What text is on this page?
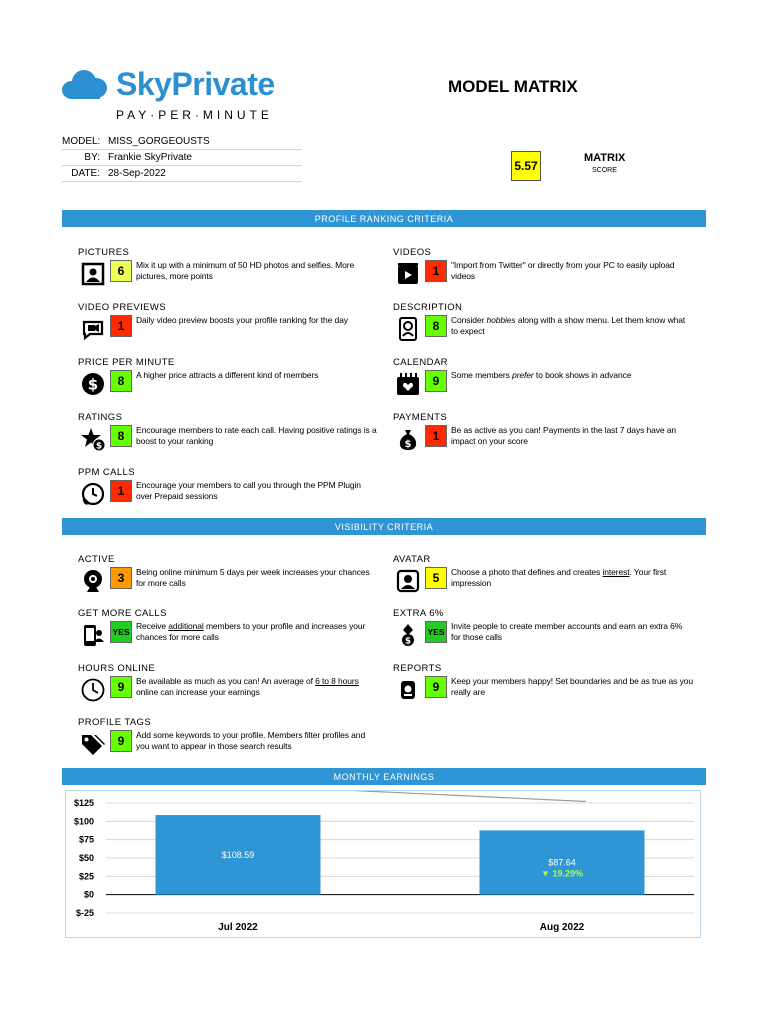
SkyPrivate
PAY·PER·MINUTE
MODEL MATRIX
MODEL: MISS_GORGEOUSTS
BY: Frankie SkyPrivate
DATE: 28-Sep-2022
5.57
MATRIX
SCORE
PROFILE RANKING CRITERIA
PICTURES
6	Mix it up with a minimum of 50 HD photos and selfies. More pictures, more points
VIDEOS
1	"Import from Twitter" or directly from your PC to easily upload videos
VIDEO PREVIEWS
1	Daily video preview boosts your profile ranking for the day
DESCRIPTION
8	Consider hobbies along with a show menu. Let them know what to expect
PRICE PER MINUTE
$	8	A higher price attracts a different kind of members
CALENDAR
9	Some members prefer to book shows in advance
RATINGS
$
8	Encourage members to rate each call. Having positive ratings is a boost to your ranking
PAYMENTS
$
1	Be as active as you can! Payments in the last 7 days have an impact on your score
PPM CALLS
1	Encourage your members to call you through the PPM Plugin over Prepaid sessions
VISIBILITY CRITERIA
ACTIVE
3	Being online minimum 5 days per week increases your chances for more calls
AVATAR
5	Choose a photo that defines and creates interest. Your first impression
GET MORE CALLS
YES
Receive additional members to your profile and increases your chances for more calls
EXTRA 6%
$
YES
Invite people to create member accounts and earn an extra 6% for those calls
HOURS ONLINE
9	Be available as much as you can! An average of 6 to 8 hours online can increase your earnings
REPORTS
9	Keep your members happy! Set boundaries and be as true as you really are
PROFILE TAGS
9	Add some keywords to your profile. Members filter profiles and you want to appear in those search results
MONTHLY EARNINGS
$125
$100
$75
$50
$25
$0
$-25
$108.59
Jul 2022
$87.64
Aug 2022
▼ 19.29%
